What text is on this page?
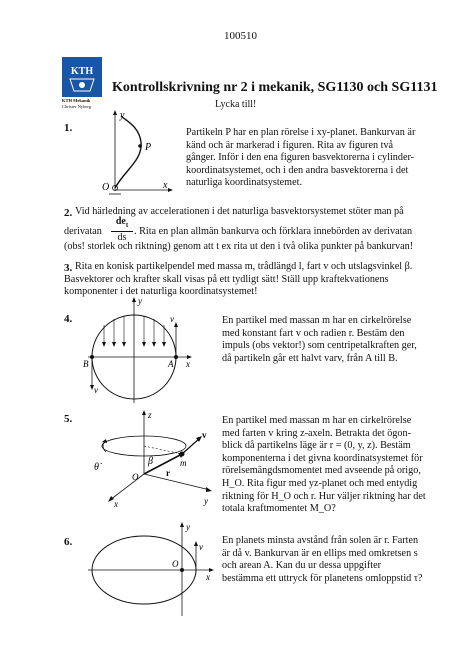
100510
KTH
KTH Mekanik
Christer Nyberg
Kontrollskrivning nr 2 i mekanik, SG1130 och SG1131
Lycka till!
1.
y
P
O	x
Partikeln P har en plan rörelse i xy-planet. Bankurvan är känd och är markerad i figuren. Rita av figuren två gånger. Inför i den ena figuren basvektorerna i cylinder-koordinatsystemet, och i den andra basvektorerna i det naturliga koordinatsystemet.
2. Vid härledning av accelerationen i det naturliga basvektorsystemet stöter man på
derivatan
$de_t$
ds
. Rita en plan allmän bankurva och förklara innebörden av derivatan
(obs! storlek och riktning) genom att t ex rita ut den i två olika punkter på bankurvan!
3. Rita en konisk partikelpendel med massa m, trådlängd l, fart v och utslagsvinkel β. Basvektorer och krafter skall visas på ett tydligt sätt! Ställ upp kraftekvationens komponenter i det naturliga koordinatsystemet!
4.
y
v
v
B	A x
En partikel med massan m har en cirkelrörelse med konstant fart v och radien r. Bestäm den impuls (obs vektor!) som centripetalkraften ger, då partikeln går ett halvt varv, från A till B.
5.	z
v
θ̇
β	m
r
O
y
x
En partikel med massan m har en cirkelrörelse med farten v kring z-axeln. Betrakta det ögon-blick då partikelns läge är r = (0, y, z). Bestäm komponenterna i det givna koordinatsystemet för rörelsemängdsmomentet med avseende på origo, H_O. Rita figur med yz-planet och med entydig riktning för H_O och r. Hur väljer riktning har det totala kraftmomentet M_O?
6.
y
v
O
x
En planets minsta avstånd från solen är r. Farten är då v. Bankurvan är en ellips med omkretsen s och arean A. Kan du ur dessa uppgifter bestämma ett uttryck för planetens omloppstid τ?
